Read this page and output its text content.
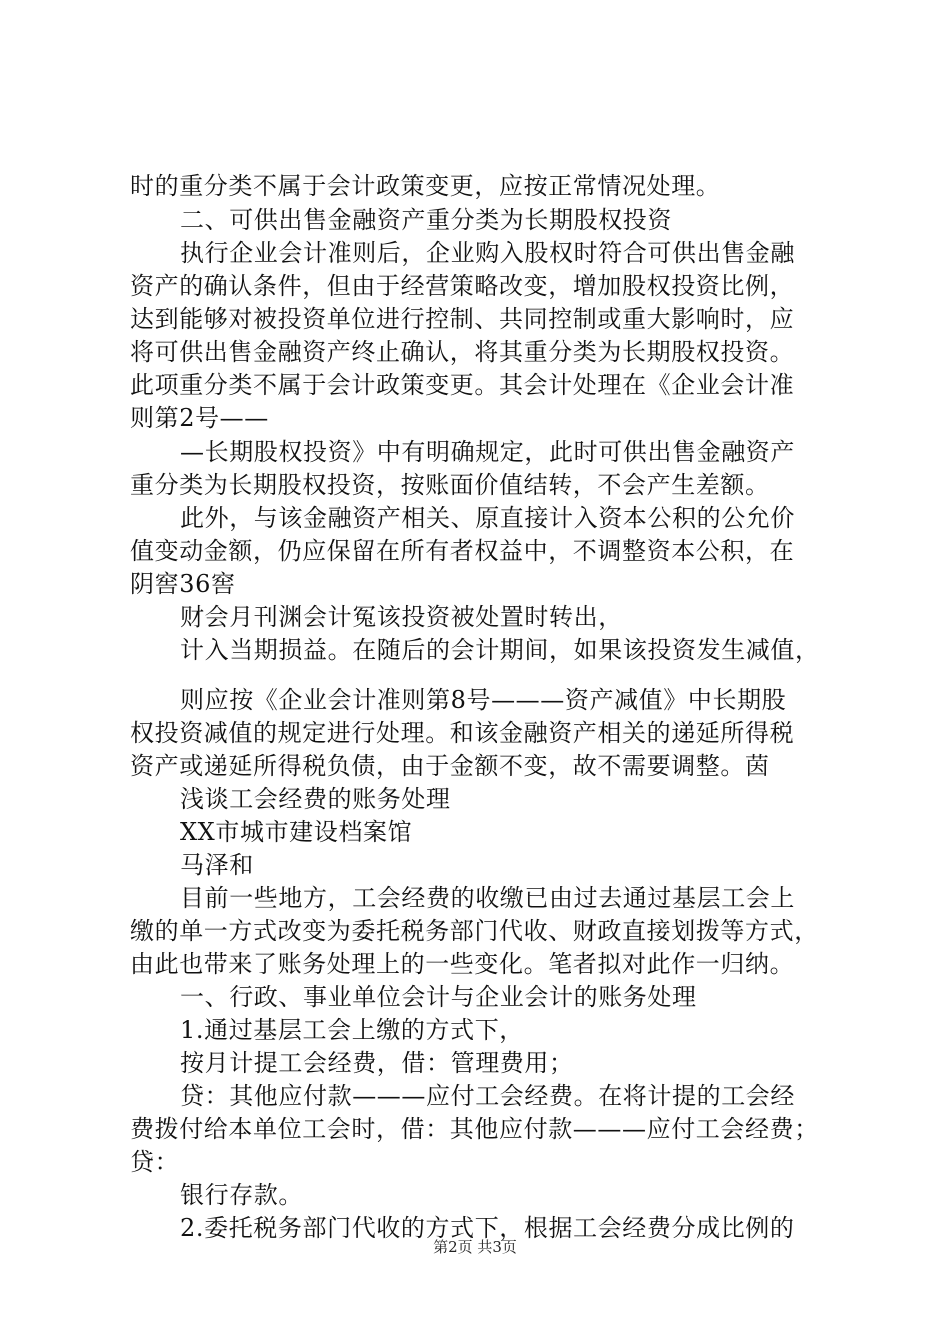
时的重分类不属于会计政策变更，应按正常情况处理。
二、可供出售金融资产重分类为长期股权投资
执行企业会计准则后，企业购入股权时符合可供出售金融
资产的确认条件，但由于经营策略改变，增加股权投资比例，
达到能够对被投资单位进行控制、共同控制或重大影响时，应
将可供出售金融资产终止确认，将其重分类为长期股权投资。
此项重分类不属于会计政策变更。其会计处理在《企业会计准
则第2号——
—长期股权投资》中有明确规定，此时可供出售金融资产
重分类为长期股权投资，按账面价值结转，不会产生差额。
此外，与该金融资产相关、原直接计入资本公积的公允价
值变动金额，仍应保留在所有者权益中，不调整资本公积，在
阴窖36窖
财会月刊渊会计冤该投资被处置时转出，
计入当期损益。在随后的会计期间，如果该投资发生减值，
则应按《企业会计准则第8号———资产减值》中长期股
权投资减值的规定进行处理。和该金融资产相关的递延所得税
资产或递延所得税负债，由于金额不变，故不需要调整。茵
浅谈工会经费的账务处理
XX市城市建设档案馆
马泽和
目前一些地方，工会经费的收缴已由过去通过基层工会上
缴的单一方式改变为委托税务部门代收、财政直接划拨等方式，
由此也带来了账务处理上的一些变化。笔者拟对此作一归纳。
一、行政、事业单位会计与企业会计的账务处理
1.通过基层工会上缴的方式下，
按月计提工会经费，借：管理费用；
贷：其他应付款———应付工会经费。在将计提的工会经
费拨付给本单位工会时，借：其他应付款———应付工会经费；
贷：
银行存款。
2.委托税务部门代收的方式下，根据工会经费分成比例的
第2页 共3页
